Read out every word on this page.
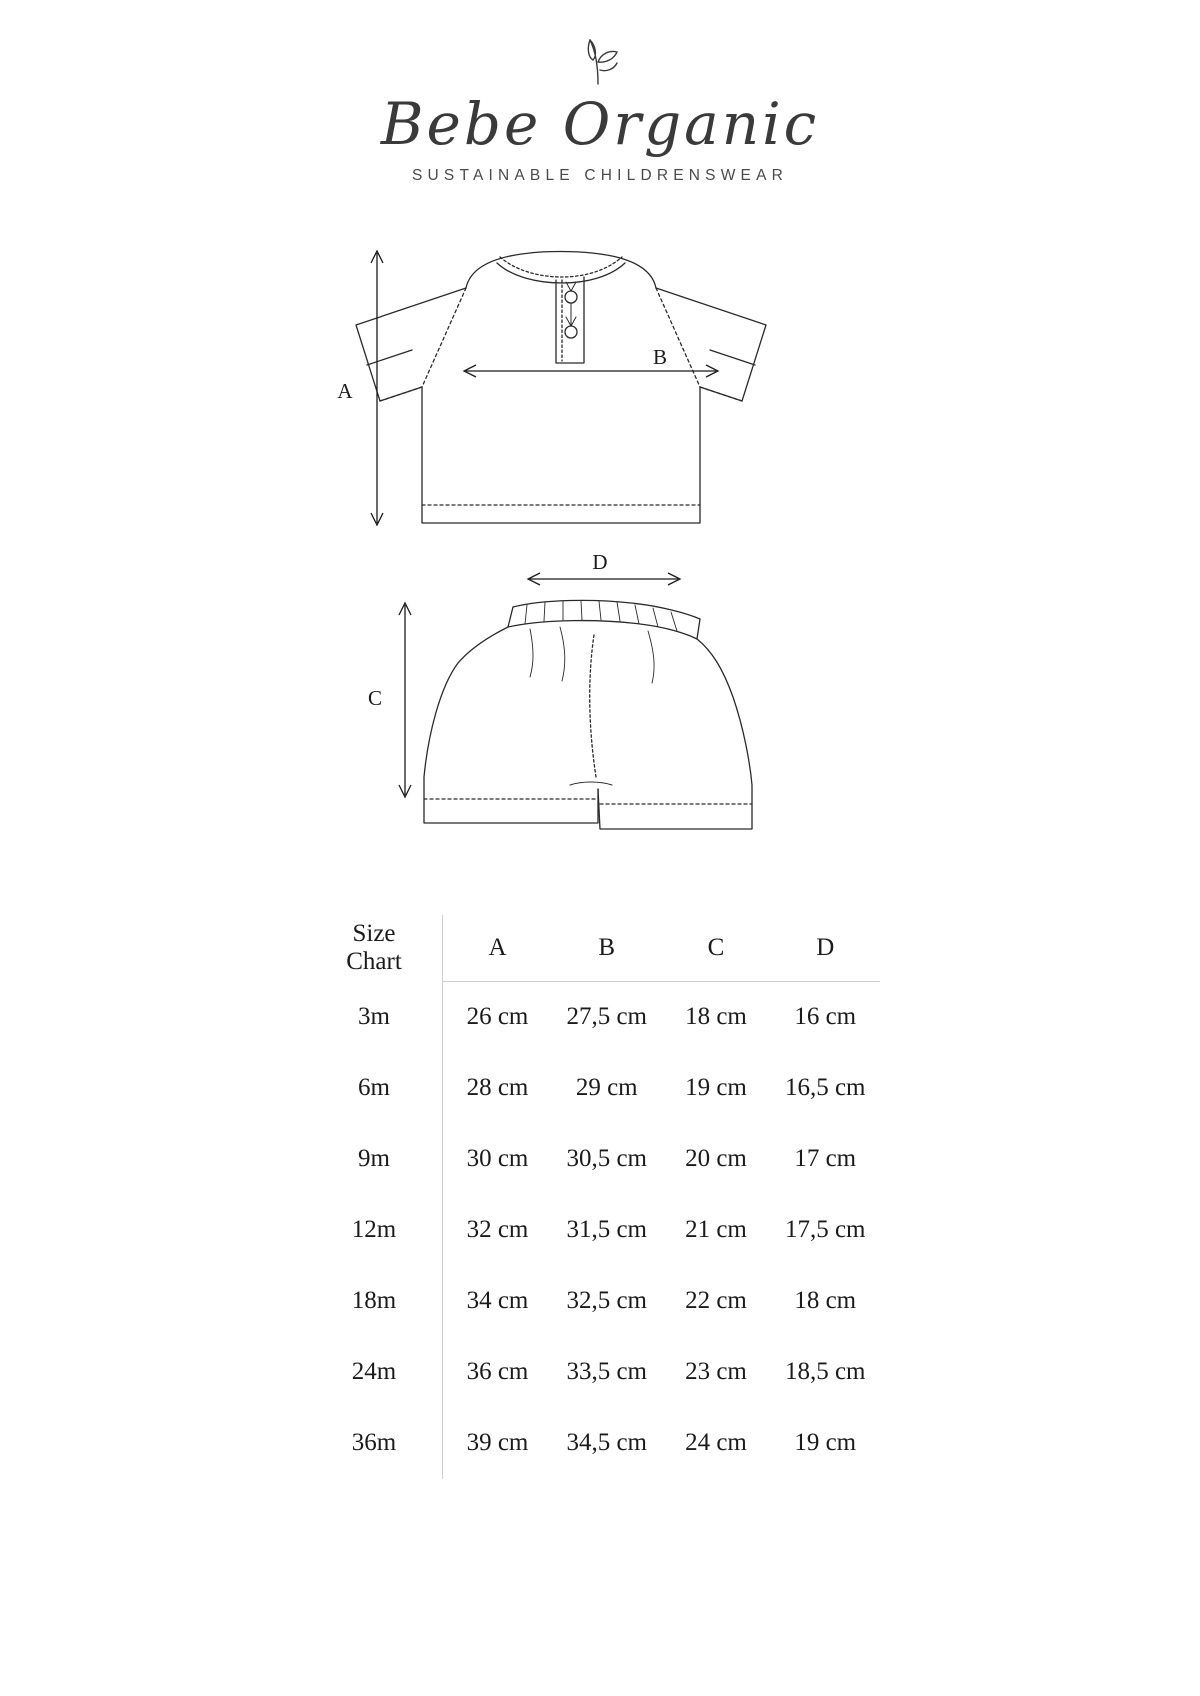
Bebe Organic
SUSTAINABLE CHILDRENSWEAR
A
B
D
C
Size
Chart	A	B	C	D
3m	26 cm	27,5 cm	18 cm	16 cm
6m	28 cm	29 cm	19 cm	16,5 cm
9m	30 cm	30,5 cm	20 cm	17 cm
12m	32 cm	31,5 cm	21 cm	17,5 cm
18m	34 cm	32,5 cm	22 cm	18 cm
24m	36 cm	33,5 cm	23 cm	18,5 cm
36m	39 cm	34,5 cm	24 cm	19 cm
